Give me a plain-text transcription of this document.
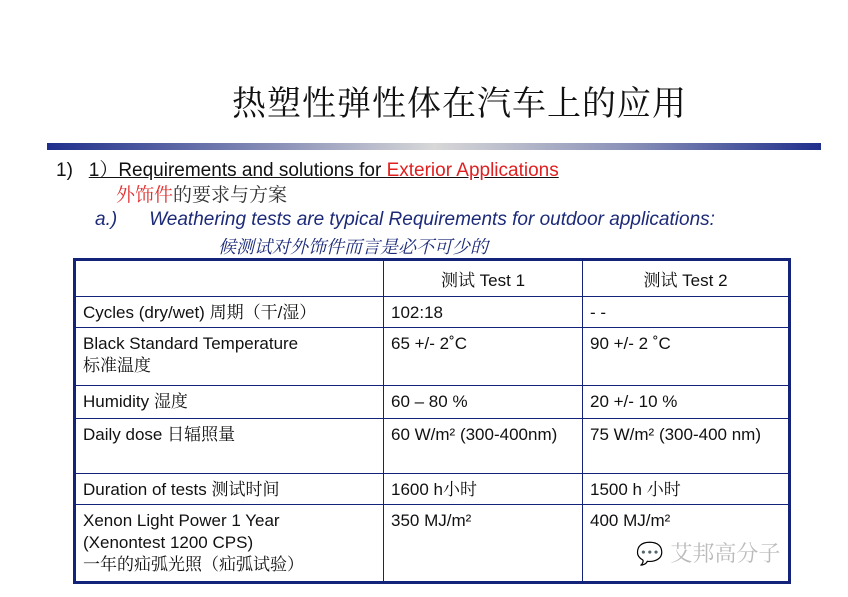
热塑性弹性体在汽车上的应用
1) 1）Requirements and solutions for Exterior Applications
外饰件的要求与方案
a.) Weathering tests are typical Requirements for outdoor applications:
候测试对外饰件而言是必不可少的
	测试 Test 1	测试 Test 2
Cycles (dry/wet) 周期（干/湿）	102:18	- -
Black Standard Temperature
标准温度	65 +/- 2˚C	90 +/- 2 ˚C
Humidity 湿度	60 – 80 %	20 +/- 10 %
Daily dose 日辐照量	60 W/m² (300-400nm)	75 W/m² (300-400 nm)
Duration of tests 测试时间	1600 h小时	1500 h 小时
Xenon Light Power 1 Year
(Xenontest 1200 CPS)
一年的疝弧光照（疝弧试验）	350 MJ/m²	400 MJ/m²
💬 艾邦高分子
